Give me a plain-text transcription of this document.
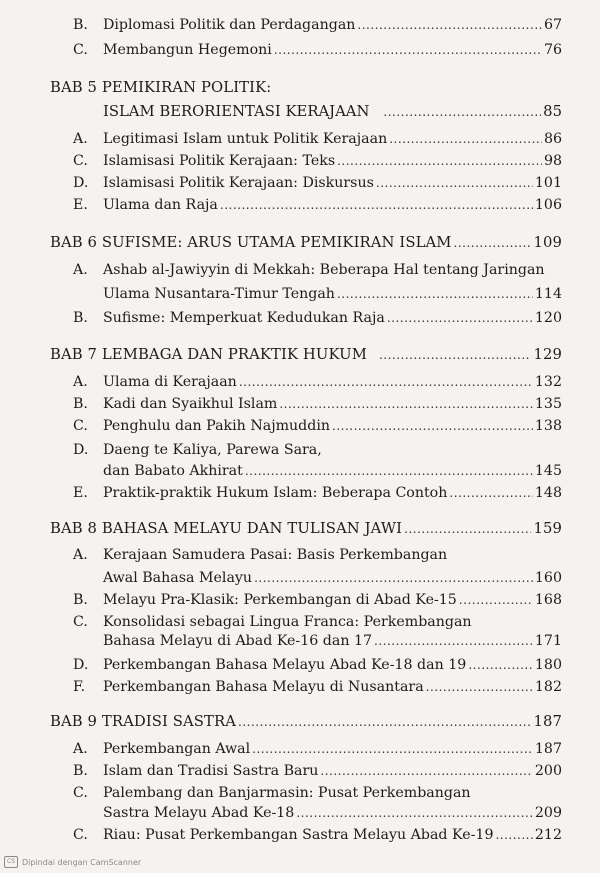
B.	Diplomasi Politik dan Perdagangan .....	67
C.	Membangun Hegemoni .....	76
BAB 5
PEMIKIRAN POLITIK:
ISLAM BERORIENTASI KERAJAAN .....	85
A.	Legitimasi Islam untuk Politik Kerajaan .....	86
C.	Islamisasi Politik Kerajaan: Teks .....	98
D.	Islamisasi Politik Kerajaan: Diskursus .....	101
E.	Ulama dan Raja .....	106
BAB 6
SUFISME: ARUS UTAMA PEMIKIRAN ISLAM .....	109
A.	Ashab al-Jawiyyin di Mekkah: Beberapa Hal tentang Jaringan
Ulama Nusantara-Timur Tengah .....	114
B.	Sufisme: Memperkuat Kedudukan Raja .....	120
BAB 7
LEMBAGA DAN PRAKTIK HUKUM .....	129
A.	Ulama di Kerajaan .....	132
B.	Kadi dan Syaikhul Islam .....	135
C.	Penghulu dan Pakih Najmuddin .....	138
D.	Daeng te Kaliya, Parewa Sara,
dan Babato Akhirat .....	145
E.	Praktik-praktik Hukum Islam: Beberapa Contoh .....	148
BAB 8
BAHASA MELAYU DAN TULISAN JAWI .....	159
A.	Kerajaan Samudera Pasai: Basis Perkembangan
Awal Bahasa Melayu .....	160
B.	Melayu Pra-Klasik: Perkembangan di Abad Ke-15 .....	168
C.	Konsolidasi sebagai Lingua Franca: Perkembangan
Bahasa Melayu di Abad Ke-16 dan 17 .....	171
D.	Perkembangan Bahasa Melayu Abad Ke-18 dan 19 .....	180
F.	Perkembangan Bahasa Melayu di Nusantara .....	182
BAB 9
TRADISI SASTRA .....	187
A.	Perkembangan Awal .....	187
B.	Islam dan Tradisi Sastra Baru .....	200
C.	Palembang dan Banjarmasin: Pusat Perkembangan
Sastra Melayu Abad Ke-18 .....	209
C.	Riau: Pusat Perkembangan Sastra Melayu Abad Ke-19 .....	212
CS Dipindai dengan CamScanner
